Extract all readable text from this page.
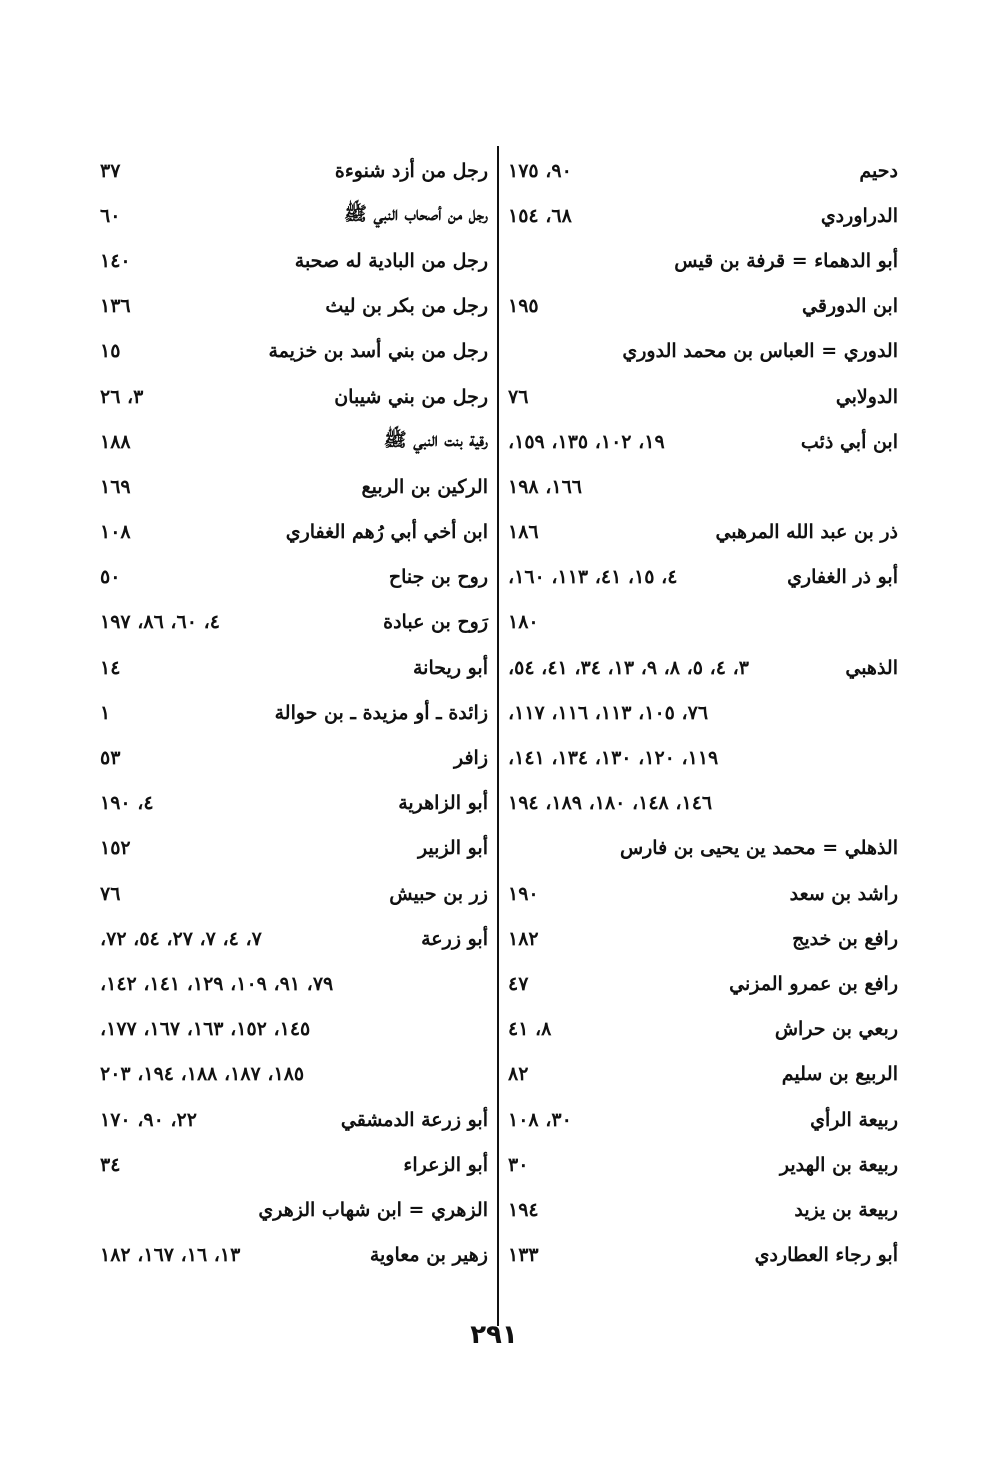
دحيم
٩٠، ١٧٥
الدراوردي
٦٨، ١٥٤
أبو الدهماء = قرفة بن قيس
ابن الدورقي
١٩٥
الدوري = العباس بن محمد الدوري
الدولابي
٧٦
ابن أبي ذئب
١٩، ١٠٢، ١٣٥، ١٥٩،
١٦٦، ١٩٨
ذر بن عبد الله المرهبي
١٨٦
أبو ذر الغفاري
٤، ١٥، ٤١، ١١٣، ١٦٠،
١٨٠
الذهبي
٣، ٤، ٥، ٨، ٩، ١٣، ٣٤، ٤١، ٥٤،
٧٦، ١٠٥، ١١٣، ١١٦، ١١٧،
١١٩، ١٢٠، ١٣٠، ١٣٤، ١٤١،
١٤٦، ١٤٨، ١٨٠، ١٨٩، ١٩٤
الذهلي = محمد ين يحيى بن فارس
راشد بن سعد
١٩٠
رافع بن خديج
١٨٢
رافع بن عمرو المزني
٤٧
ربعي بن حراش
٨، ٤١
الربيع بن سليم
٨٢
ربيعة الرأي
٣٠، ١٠٨
ربيعة بن الهدير
٣٠
ربيعة بن يزيد
١٩٤
أبو رجاء العطاردي
١٣٣
رجل من أزد شنوءة
٣٧
رجل من أصحاب النبي ﷺ
٦٠
رجل من البادية له صحبة
١٤٠
رجل من بكر بن ليث
١٣٦
رجل من بني أسد بن خزيمة
١٥
رجل من بني شيبان
٣، ٢٦
رقية بنت النبي ﷺ
١٨٨
الركين بن الربيع
١٦٩
ابن أخي أبي رُهم الغفاري
١٠٨
روح بن جناح
٥٠
رَوح بن عبادة
٤، ٦٠، ٨٦، ١٩٧
أبو ريحانة
١٤
زائدة ـ أو مزيدة ـ بن حوالة
١
زافر
٥٣
أبو الزاهرية
٤، ١٩٠
أبو الزبير
١٥٢
زر بن حبيش
٧٦
أبو زرعة
٧، ٤، ٧، ٢٧، ٥٤، ٧٢،
٧٩، ٩١، ١٠٩، ١٢٩، ١٤١، ١٤٢،
١٤٥، ١٥٢، ١٦٣، ١٦٧، ١٧٧،
١٨٥، ١٨٧، ١٨٨، ١٩٤، ٢٠٣
أبو زرعة الدمشقي
٢٢، ٩٠، ١٧٠
أبو الزعراء
٣٤
الزهري = ابن شهاب الزهري
زهير بن معاوية
١٣، ١٦، ١٦٧، ١٨٢
٢٩١
